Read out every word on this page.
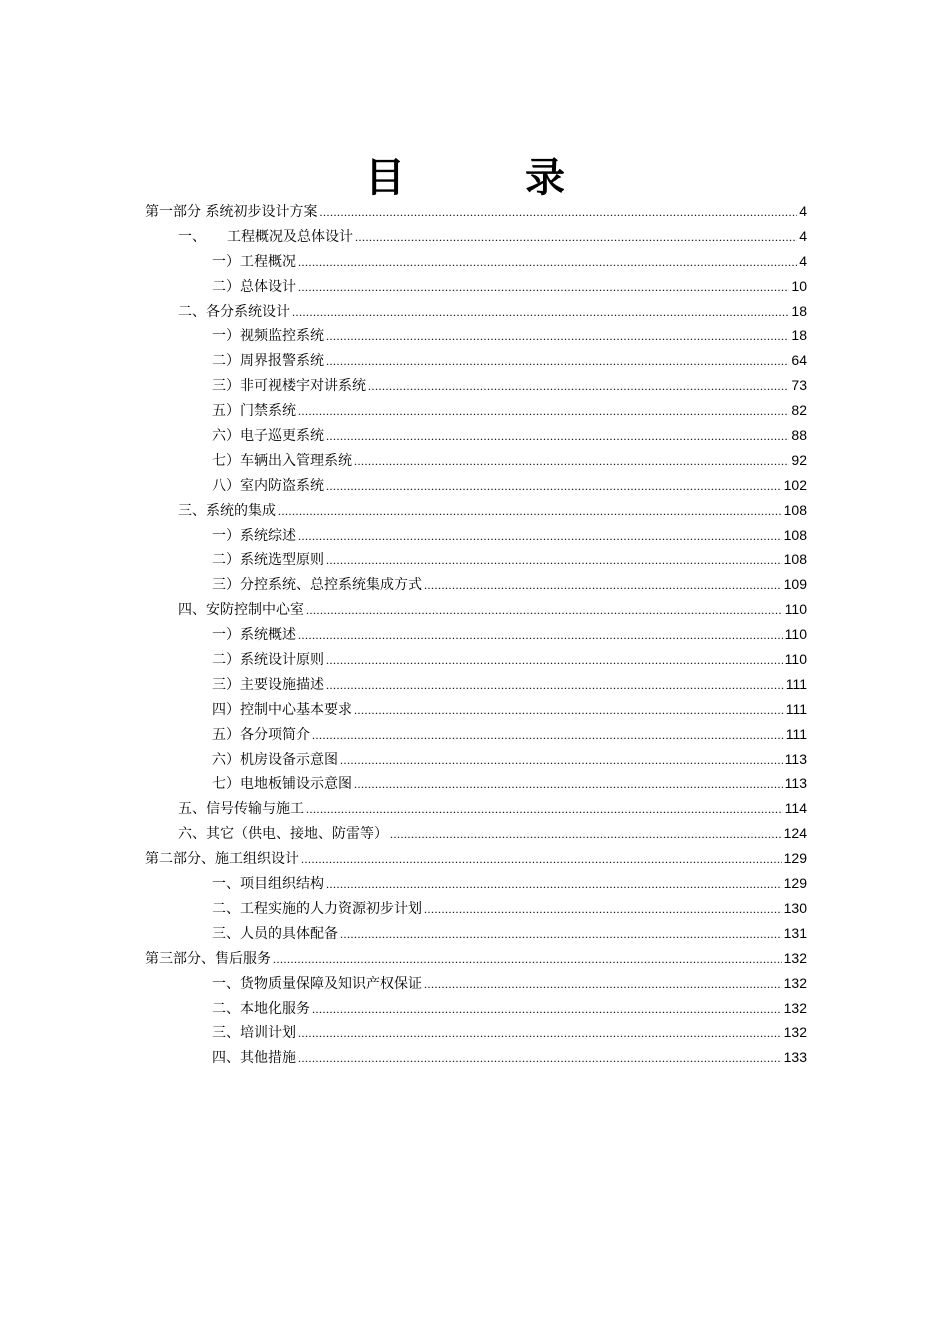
目　录
第一部分 系统初步设计方案 .....	4
一、　　工程概况及总体设计 .....	4
一）工程概况 .....	4
二）总体设计 .....	10
二、各分系统设计 .....	18
一）视频监控系统 .....	18
二）周界报警系统 .....	64
三）非可视楼宇对讲系统 .....	73
五）门禁系统 .....	82
六）电子巡更系统 .....	88
七）车辆出入管理系统 .....	92
八）室内防盗系统 .....	102
三、系统的集成 .....	108
一）系统综述 .....	108
二）系统选型原则 .....	108
三）分控系统、总控系统集成方式 .....	109
四、安防控制中心室 .....	110
一）系统概述 .....	110
二）系统设计原则 .....	110
三）主要设施描述 .....	111
四）控制中心基本要求 .....	111
五）各分项简介 .....	111
六）机房设备示意图 .....	113
七）电地板铺设示意图 .....	113
五、信号传输与施工 .....	114
六、其它（供电、接地、防雷等） .....	124
第二部分、施工组织设计 .....	129
一、项目组织结构 .....	129
二、工程实施的人力资源初步计划 .....	130
三、人员的具体配备 .....	131
第三部分、售后服务 .....	132
一、货物质量保障及知识产权保证 .....	132
二、本地化服务 .....	132
三、培训计划 .....	132
四、其他措施 .....	133
